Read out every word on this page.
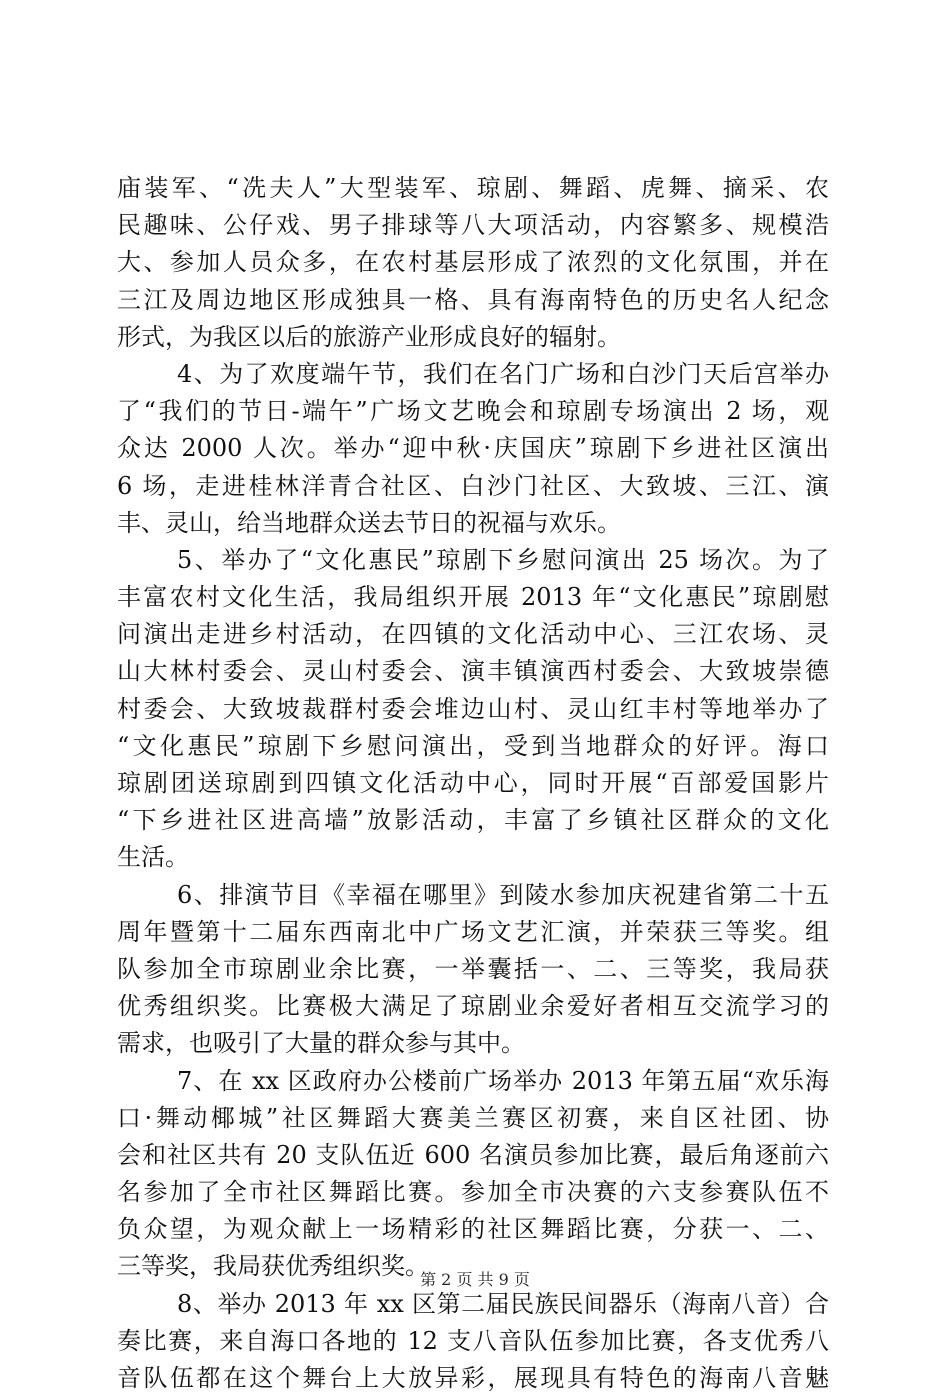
庙装军、“冼夫人”大型装军、琼剧、舞蹈、虎舞、摘采、农
民趣味、公仔戏、男子排球等八大项活动，内容繁多、规模浩
大、参加人员众多，在农村基层形成了浓烈的文化氛围，并在
三江及周边地区形成独具一格、具有海南特色的历史名人纪念
形式，为我区以后的旅游产业形成良好的辐射。
4、为了欢度端午节，我们在名门广场和白沙门天后宫举办
了“我们的节日-端午”广场文艺晚会和琼剧专场演出 2 场，观
众达 2000 人次。举办“迎中秋·庆国庆”琼剧下乡进社区演出
6 场，走进桂林洋青合社区、白沙门社区、大致坡、三江、演
丰、灵山，给当地群众送去节日的祝福与欢乐。
5、举办了“文化惠民”琼剧下乡慰问演出 25 场次。为了
丰富农村文化生活，我局组织开展 2013 年“文化惠民”琼剧慰
问演出走进乡村活动，在四镇的文化活动中心、三江农场、灵
山大林村委会、灵山村委会、演丰镇演西村委会、大致坡崇德
村委会、大致坡裁群村委会堆边山村、灵山红丰村等地举办了
“文化惠民”琼剧下乡慰问演出，受到当地群众的好评。海口
琼剧团送琼剧到四镇文化活动中心，同时开展“百部爱国影片
“下乡进社区进高墙”放影活动，丰富了乡镇社区群众的文化
生活。
6、排演节目《幸福在哪里》到陵水参加庆祝建省第二十五
周年暨第十二届东西南北中广场文艺汇演，并荣获三等奖。组
队参加全市琼剧业余比赛，一举囊括一、二、三等奖，我局获
优秀组织奖。比赛极大满足了琼剧业余爱好者相互交流学习的
需求，也吸引了大量的群众参与其中。
7、在 xx 区政府办公楼前广场举办 2013 年第五届“欢乐海
口·舞动椰城”社区舞蹈大赛美兰赛区初赛，来自区社团、协
会和社区共有 20 支队伍近 600 名演员参加比赛，最后角逐前六
名参加了全市社区舞蹈比赛。参加全市决赛的六支参赛队伍不
负众望，为观众献上一场精彩的社区舞蹈比赛，分获一、二、
三等奖，我局获优秀组织奖。
8、举办 2013 年 xx 区第二届民族民间器乐（海南八音）合
奏比赛，来自海口各地的 12 支八音队伍参加比赛，各支优秀八
音队伍都在这个舞台上大放异彩，展现具有特色的海南八音魅
第 2 页 共 9 页
